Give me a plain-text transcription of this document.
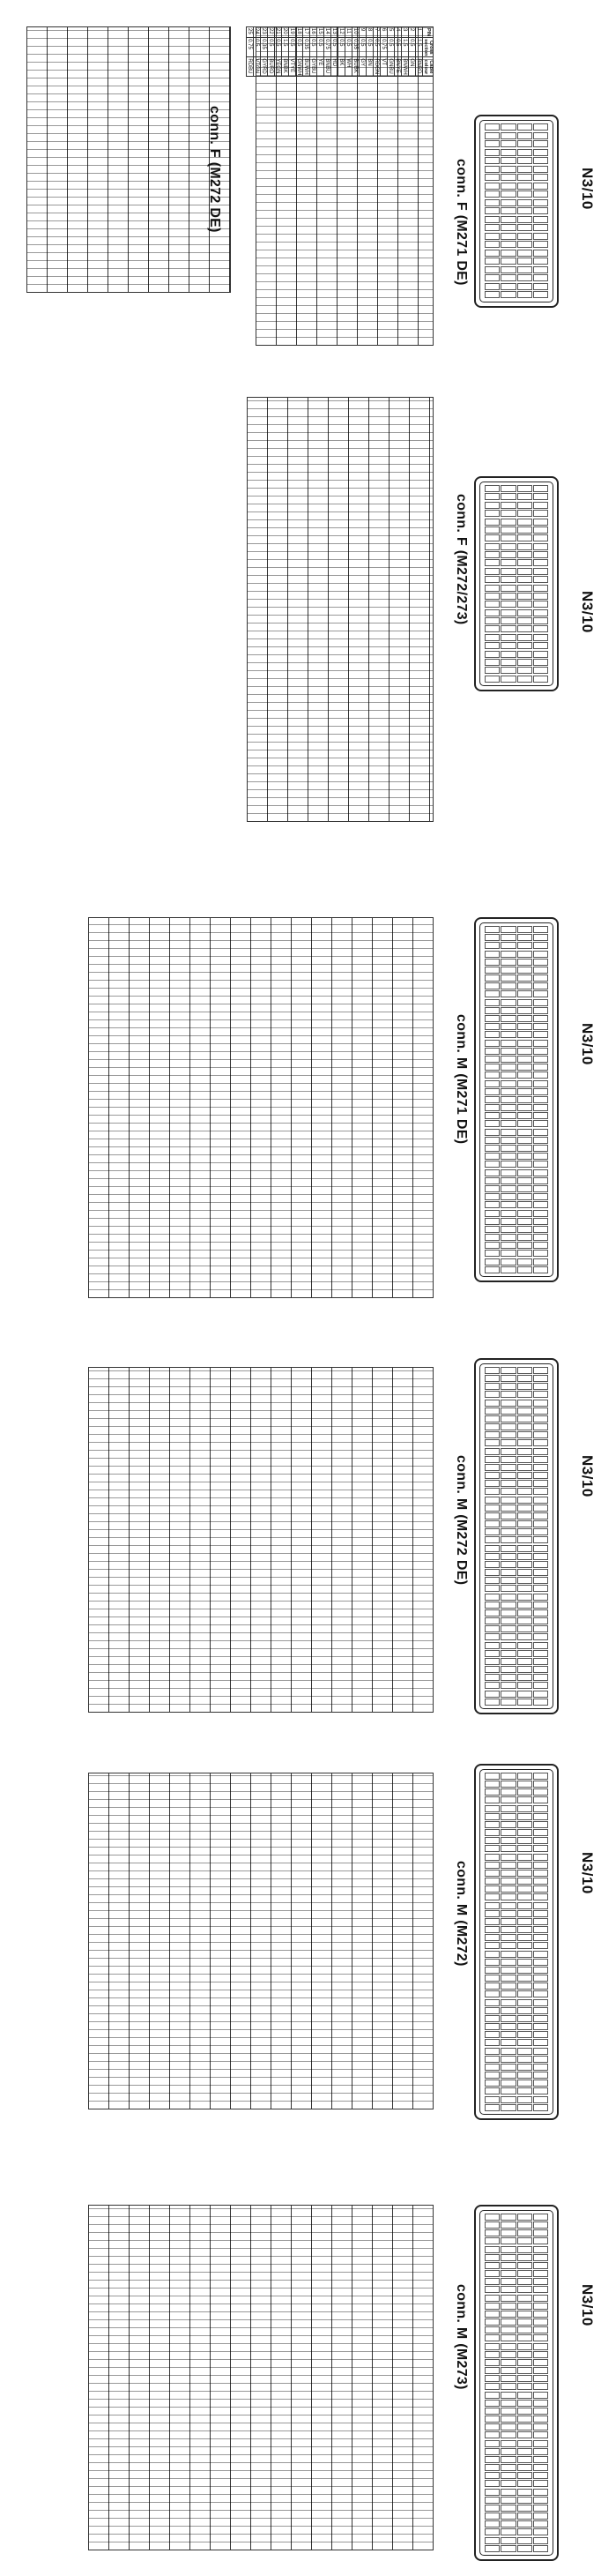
N3/10
conn. F (M271 DE)
conn. F (M272 DE)
N3/10
conn. F (M272/273)
N3/10
conn. M (M271 DE)
N3/10
conn. M (M272 DE)
N3/10
conn. M (M272)
N3/10
conn. M (M273)
PIN	Cross section	Cable colour
1	1.5	BNRD
2	0.5	GN
3	1.5	BNWH
4	0.5	BNYE
5	0.5	GNBU
6	0.75	VT
7	0.5	RDGN
8	0.5	BN
9	0.5	GY
10	0.35	BUBK
11	0.5	WH
12	0.5	BK
13	0.5	RD
14	0.75	BNBU
15	0.5	YE
16	0.5	GYBU
17	0.35	BUWH
18	0.5	GNWH
19	0.5	VTYE
20	1.5	BNBK
21	0.5	YEGN
22	0.5	BURD
23	0.35	GYRD
24	0.5	VTGN
25	0.75	RDBU
